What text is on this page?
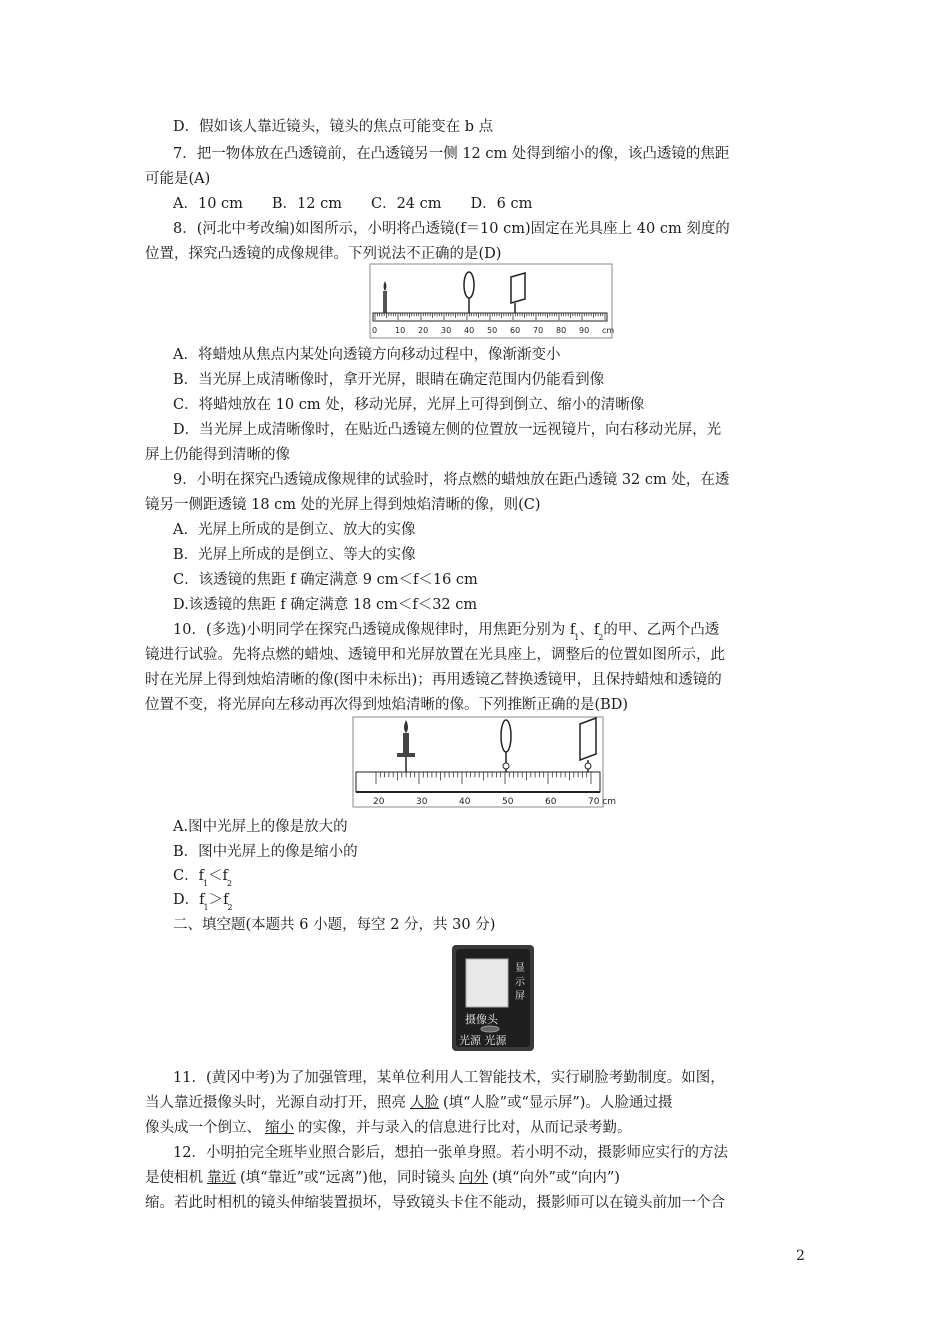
D．假如该人靠近镜头，镜头的焦点可能变在 b 点
7．把一物体放在凸透镜前，在凸透镜另一侧 12 cm 处得到缩小的像，该凸透镜的焦距
可能是(A)
A．10 cm　　B．12 cm　　C．24 cm　　D．6 cm
8．(河北中考改编)如图所示，小明将凸透镜(f＝10 cm)固定在光具座上 40 cm 刻度的
位置，探究凸透镜的成像规律。下列说法不正确的是(D)
0 10 20 30 40 50 60 70 80 90 cm
A．将蜡烛从焦点内某处向透镜方向移动过程中，像渐渐变小
B．当光屏上成清晰像时，拿开光屏，眼睛在确定范围内仍能看到像
C．将蜡烛放在 10 cm 处，移动光屏，光屏上可得到倒立、缩小的清晰像
D．当光屏上成清晰像时，在贴近凸透镜左侧的位置放一远视镜片，向右移动光屏，光
屏上仍能得到清晰的像
9．小明在探究凸透镜成像规律的试验时，将点燃的蜡烛放在距凸透镜 32 cm 处，在透
镜另一侧距透镜 18 cm 处的光屏上得到烛焰清晰的像，则(C)
A．光屏上所成的是倒立、放大的实像
B．光屏上所成的是倒立、等大的实像
C．该透镜的焦距 f 确定满意 9 cm＜f＜16 cm
D.该透镜的焦距 f 确定满意 18 cm＜f＜32 cm
10．(多选)小明同学在探究凸透镜成像规律时，用焦距分别为 $f_1$、$f_2$的甲、乙两个凸透
镜进行试验。先将点燃的蜡烛、透镜甲和光屏放置在光具座上，调整后的位置如图所示，此
时在光屏上得到烛焰清晰的像(图中未标出)；再用透镜乙替换透镜甲，且保持蜡烛和透镜的
位置不变，将光屏向左移动再次得到烛焰清晰的像。下列推断正确的是(BD)
20	30	40	50	60	70 cm
A.图中光屏上的像是放大的
B．图中光屏上的像是缩小的
C．$f_1<f_2$
D．$f_1>f_2$
二、填空题(本题共 6 小题，每空 2 分，共 30 分)
显
示
屏
摄像头
光源 光源
11．(黄冈中考)为了加强管理，某单位利用人工智能技术，实行刷脸考勤制度。如图，
当人靠近摄像头时，光源自动打开，照亮 人脸 (填“人脸”或“显示屏”)。人脸通过摄
像头成一个倒立、 缩小 的实像，并与录入的信息进行比对，从而记录考勤。
12．小明拍完全班毕业照合影后，想拍一张单身照。若小明不动，摄影师应实行的方法
是使相机 靠近 (填“靠近”或“远离”)他，同时镜头 向外 (填“向外”或“向内”)
缩。若此时相机的镜头伸缩装置损坏，导致镜头卡住不能动，摄影师可以在镜头前加一个合
2
